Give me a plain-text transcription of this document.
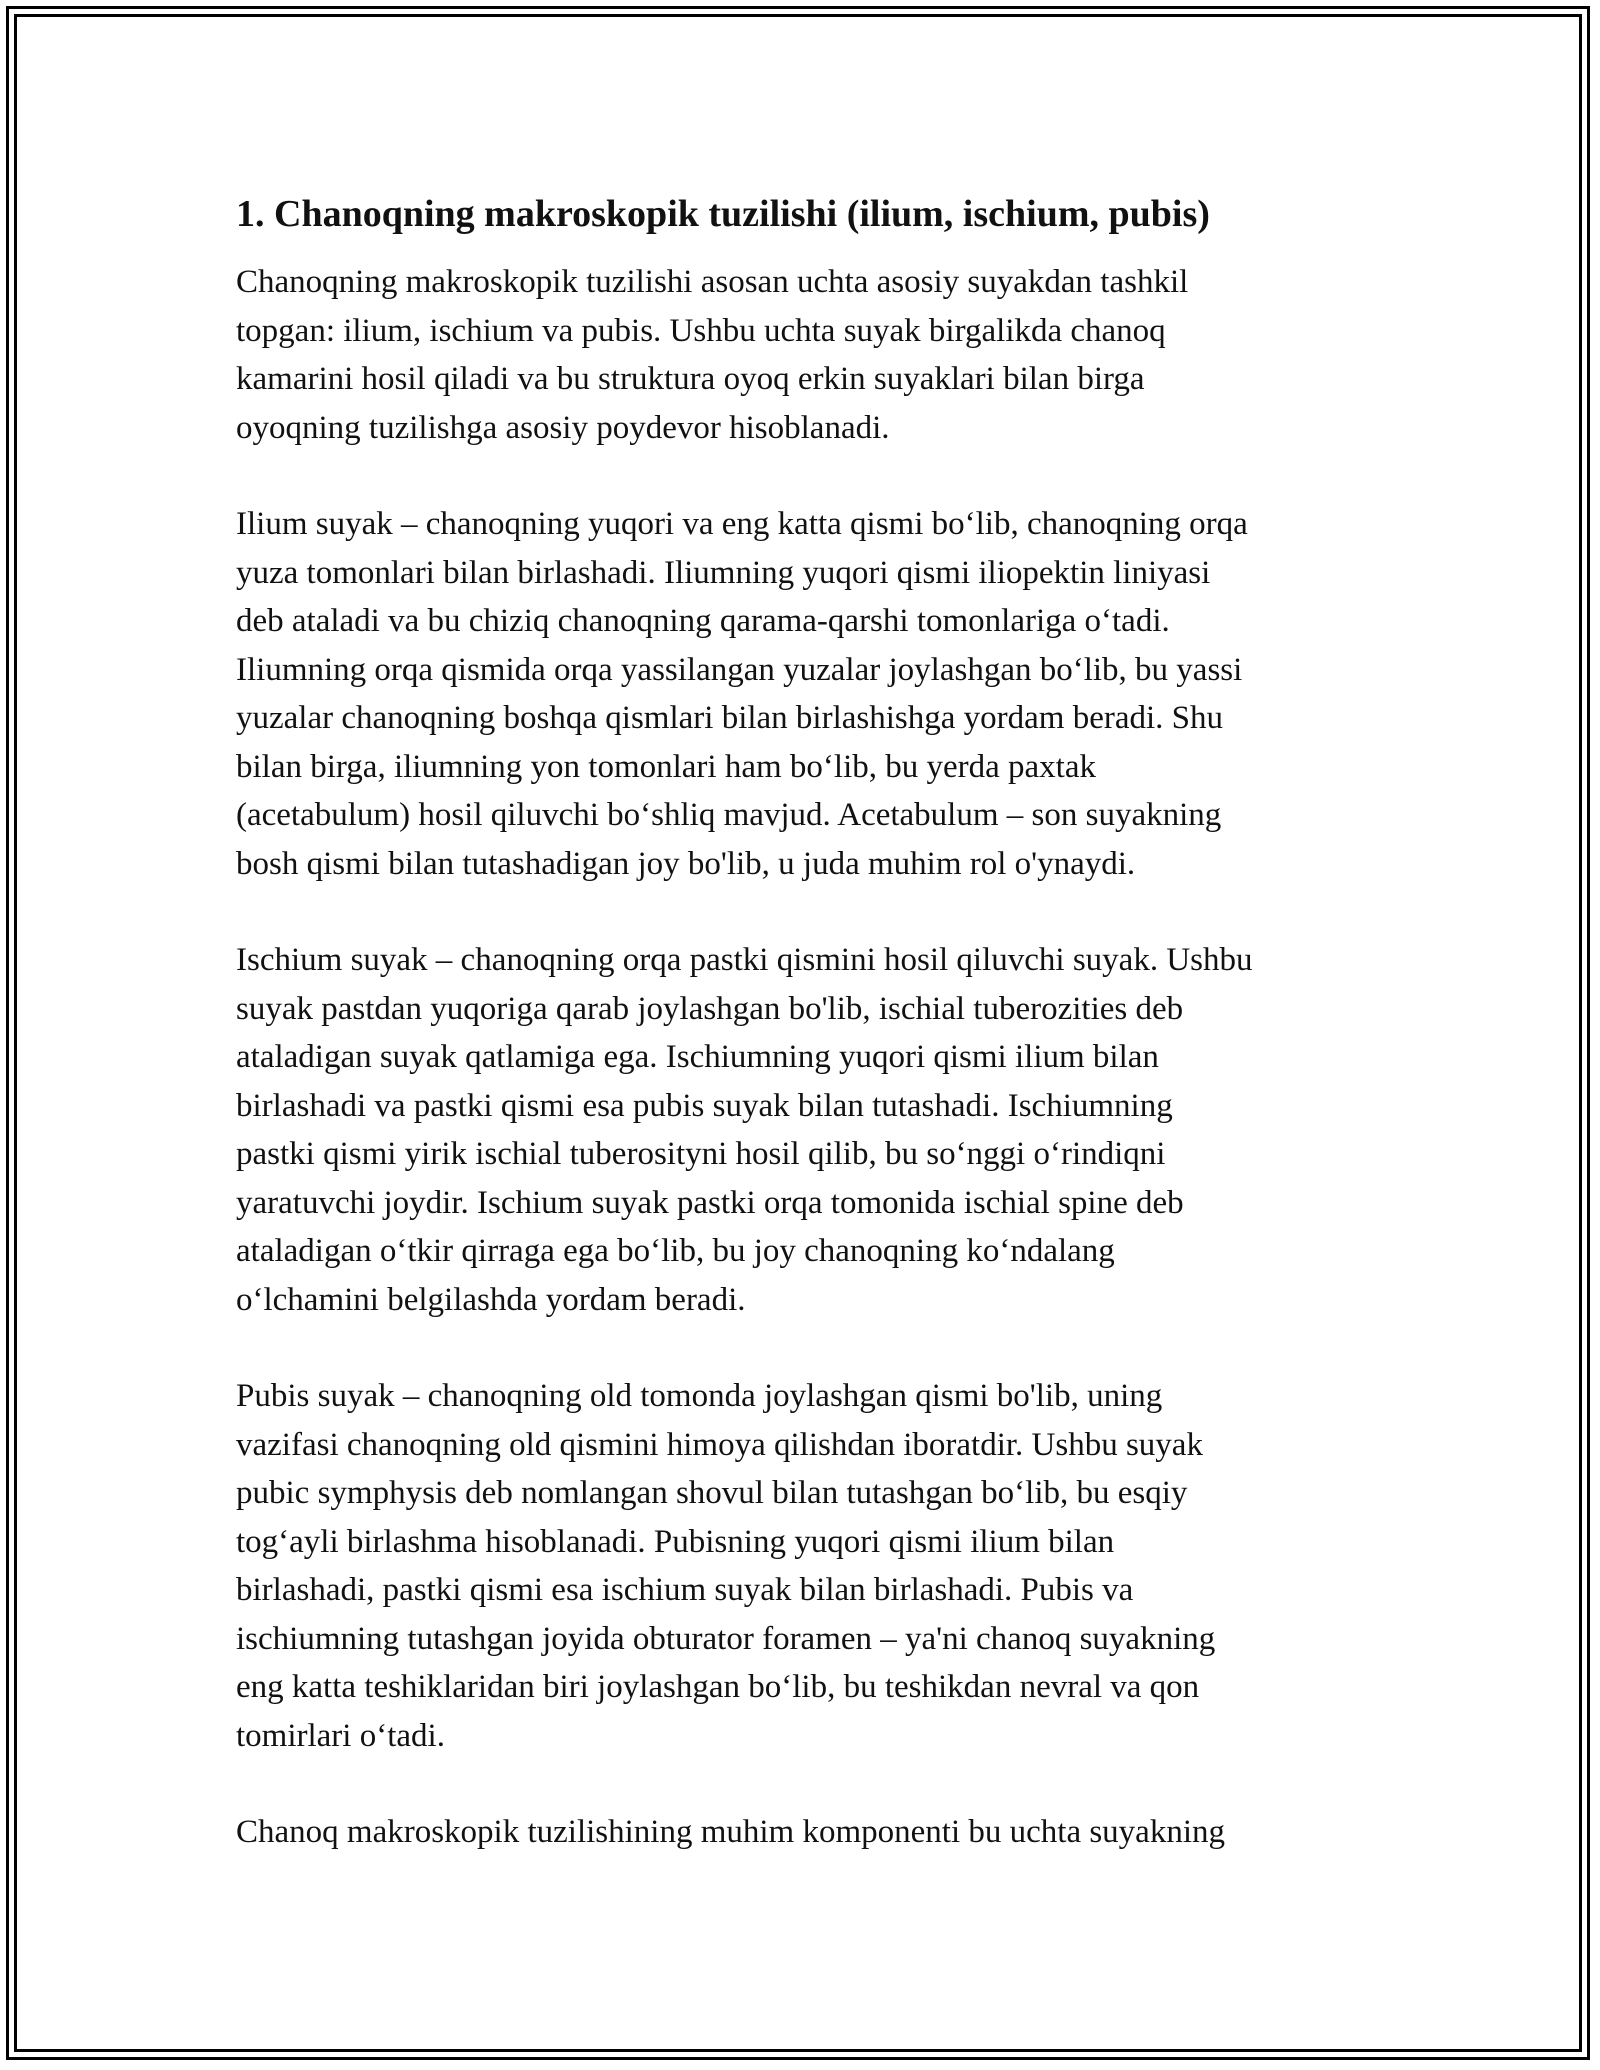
1. Chanoqning makroskopik tuzilishi (ilium, ischium, pubis)

Chanoqning makroskopik tuzilishi asosan uchta asosiy suyakdan tashkil
topgan: ilium, ischium va pubis. Ushbu uchta suyak birgalikda chanoq
kamarini hosil qiladi va bu struktura oyoq erkin suyaklari bilan birga
oyoqning tuzilishga asosiy poydevor hisoblanadi.

Ilium suyak – chanoqning yuqori va eng katta qismi boʻlib, chanoqning orqa
yuza tomonlari bilan birlashadi. Iliumning yuqori qismi iliopektin liniyasi
deb ataladi va bu chiziq chanoqning qarama-qarshi tomonlariga oʻtadi.
Iliumning orqa qismida orqa yassilangan yuzalar joylashgan boʻlib, bu yassi
yuzalar chanoqning boshqa qismlari bilan birlashishga yordam beradi. Shu
bilan birga, iliumning yon tomonlari ham boʻlib, bu yerda paxtak
(acetabulum) hosil qiluvchi boʻshliq mavjud. Acetabulum – son suyakning
bosh qismi bilan tutashadigan joy bo'lib, u juda muhim rol o'ynaydi.

Ischium suyak – chanoqning orqa pastki qismini hosil qiluvchi suyak. Ushbu
suyak pastdan yuqoriga qarab joylashgan bo'lib, ischial tuberozities deb
ataladigan suyak qatlamiga ega. Ischiumning yuqori qismi ilium bilan
birlashadi va pastki qismi esa pubis suyak bilan tutashadi. Ischiumning
pastki qismi yirik ischial tuberosityni hosil qilib, bu soʻnggi oʻrindiqni
yaratuvchi joydir. Ischium suyak pastki orqa tomonida ischial spine deb
ataladigan oʻtkir qirraga ega boʻlib, bu joy chanoqning koʻndalang
oʻlchamini belgilashda yordam beradi.

Pubis suyak – chanoqning old tomonda joylashgan qismi bo'lib, uning
vazifasi chanoqning old qismini himoya qilishdan iboratdir. Ushbu suyak
pubic symphysis deb nomlangan shovul bilan tutashgan boʻlib, bu esqiy
togʻayli birlashma hisoblanadi. Pubisning yuqori qismi ilium bilan
birlashadi, pastki qismi esa ischium suyak bilan birlashadi. Pubis va
ischiumning tutashgan joyida obturator foramen – ya'ni chanoq suyakning
eng katta teshiklaridan biri joylashgan boʻlib, bu teshikdan nevral va qon
tomirlari oʻtadi.

Chanoq makroskopik tuzilishining muhim komponenti bu uchta suyakning
